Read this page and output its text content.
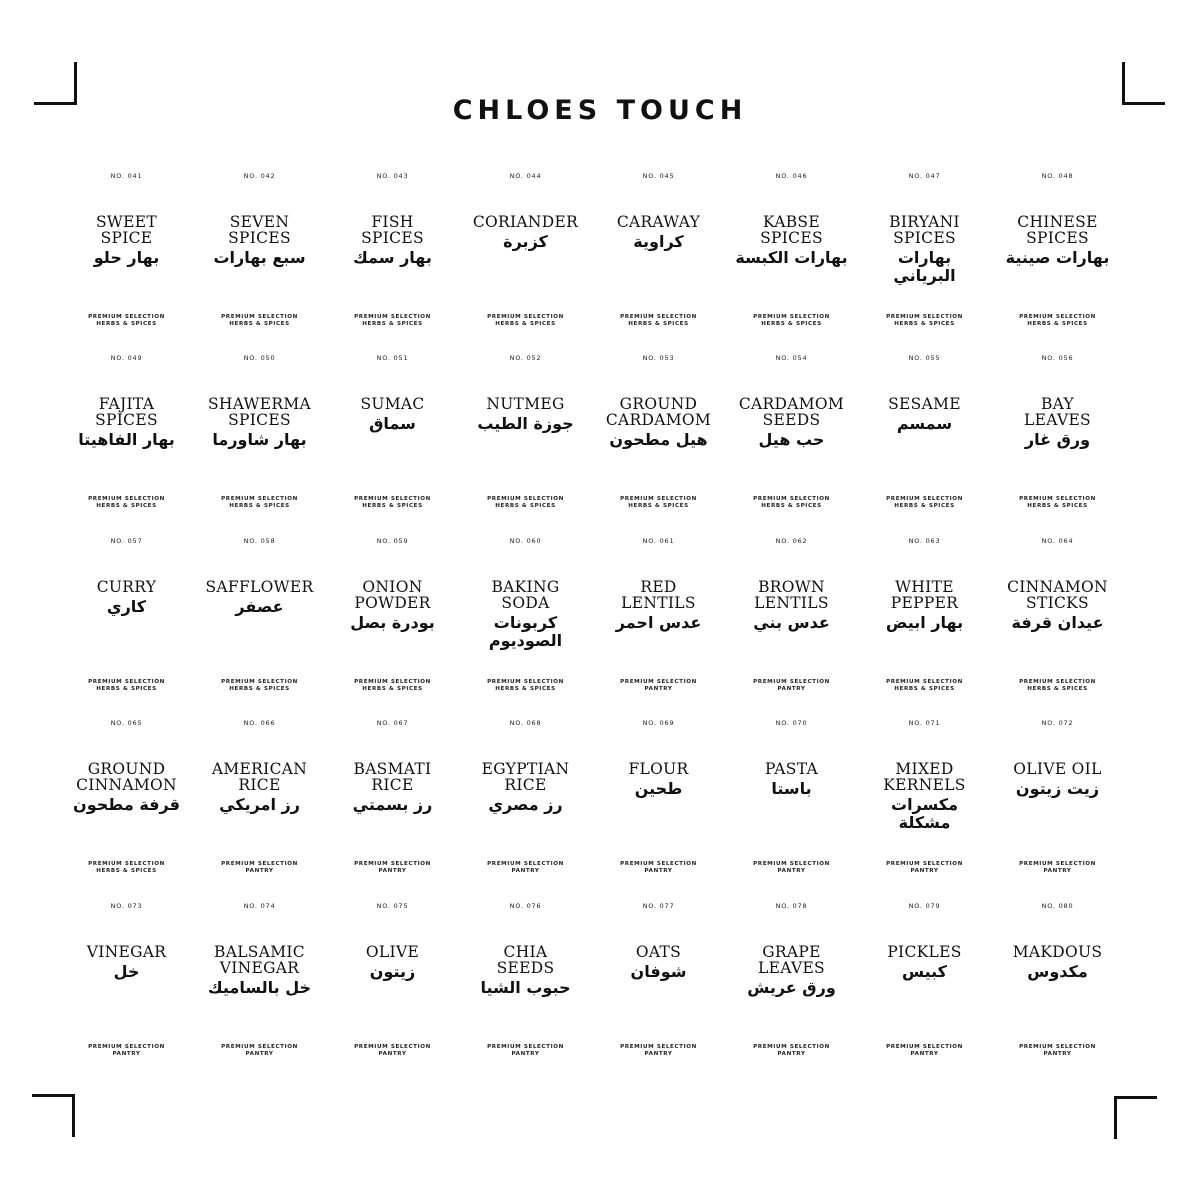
CHLOES TOUCH
NO. 041
SWEET
SPICE
بهار حلو
PREMIUM SELECTION
HERBS & SPICES
NO. 042
SEVEN
SPICES
سبع بهارات
PREMIUM SELECTION
HERBS & SPICES
NO. 043
FISH
SPICES
بهار سمك
PREMIUM SELECTION
HERBS & SPICES
NO. 044
CORIANDER
كزبرة
PREMIUM SELECTION
HERBS & SPICES
NO. 045
CARAWAY
كراوية
PREMIUM SELECTION
HERBS & SPICES
NO. 046
KABSE
SPICES
بهارات الكبسة
PREMIUM SELECTION
HERBS & SPICES
NO. 047
BIRYANI
SPICES
بهارات
البرياني
PREMIUM SELECTION
HERBS & SPICES
NO. 048
CHINESE
SPICES
بهارات صينية
PREMIUM SELECTION
HERBS & SPICES
NO. 049
FAJITA
SPICES
بهار الفاهيتا
PREMIUM SELECTION
HERBS & SPICES
NO. 050
SHAWERMA
SPICES
بهار شاورما
PREMIUM SELECTION
HERBS & SPICES
NO. 051
SUMAC
سماق
PREMIUM SELECTION
HERBS & SPICES
NO. 052
NUTMEG
جوزة الطيب
PREMIUM SELECTION
HERBS & SPICES
NO. 053
GROUND
CARDAMOM
هيل مطحون
PREMIUM SELECTION
HERBS & SPICES
NO. 054
CARDAMOM
SEEDS
حب هيل
PREMIUM SELECTION
HERBS & SPICES
NO. 055
SESAME
سمسم
PREMIUM SELECTION
HERBS & SPICES
NO. 056
BAY
LEAVES
ورق غار
PREMIUM SELECTION
HERBS & SPICES
NO. 057
CURRY
كاري
PREMIUM SELECTION
HERBS & SPICES
NO. 058
SAFFLOWER
عصفر
PREMIUM SELECTION
HERBS & SPICES
NO. 059
ONION
POWDER
بودرة بصل
PREMIUM SELECTION
HERBS & SPICES
NO. 060
BAKING
SODA
كربونات
الصوديوم
PREMIUM SELECTION
HERBS & SPICES
NO. 061
RED
LENTILS
عدس احمر
PREMIUM SELECTION
PANTRY
NO. 062
BROWN
LENTILS
عدس بني
PREMIUM SELECTION
PANTRY
NO. 063
WHITE
PEPPER
بهار ابيض
PREMIUM SELECTION
HERBS & SPICES
NO. 064
CINNAMON
STICKS
عيدان قرفة
PREMIUM SELECTION
HERBS & SPICES
NO. 065
GROUND
CINNAMON
قرفة مطحون
PREMIUM SELECTION
HERBS & SPICES
NO. 066
AMERICAN
RICE
رز امريكي
PREMIUM SELECTION
PANTRY
NO. 067
BASMATI
RICE
رز بسمتي
PREMIUM SELECTION
PANTRY
NO. 068
EGYPTIAN
RICE
رز مصري
PREMIUM SELECTION
PANTRY
NO. 069
FLOUR
طحين
PREMIUM SELECTION
PANTRY
NO. 070
PASTA
باستا
PREMIUM SELECTION
PANTRY
NO. 071
MIXED
KERNELS
مكسرات
مشكلة
PREMIUM SELECTION
PANTRY
NO. 072
OLIVE OIL
زيت زيتون
PREMIUM SELECTION
PANTRY
NO. 073
VINEGAR
خل
PREMIUM SELECTION
PANTRY
NO. 074
BALSAMIC
VINEGAR
خل بالساميك
PREMIUM SELECTION
PANTRY
NO. 075
OLIVE
زيتون
PREMIUM SELECTION
PANTRY
NO. 076
CHIA
SEEDS
حبوب الشيا
PREMIUM SELECTION
PANTRY
NO. 077
OATS
شوفان
PREMIUM SELECTION
PANTRY
NO. 078
GRAPE
LEAVES
ورق عريش
PREMIUM SELECTION
PANTRY
NO. 079
PICKLES
كبيس
PREMIUM SELECTION
PANTRY
NO. 080
MAKDOUS
مكدوس
PREMIUM SELECTION
PANTRY
